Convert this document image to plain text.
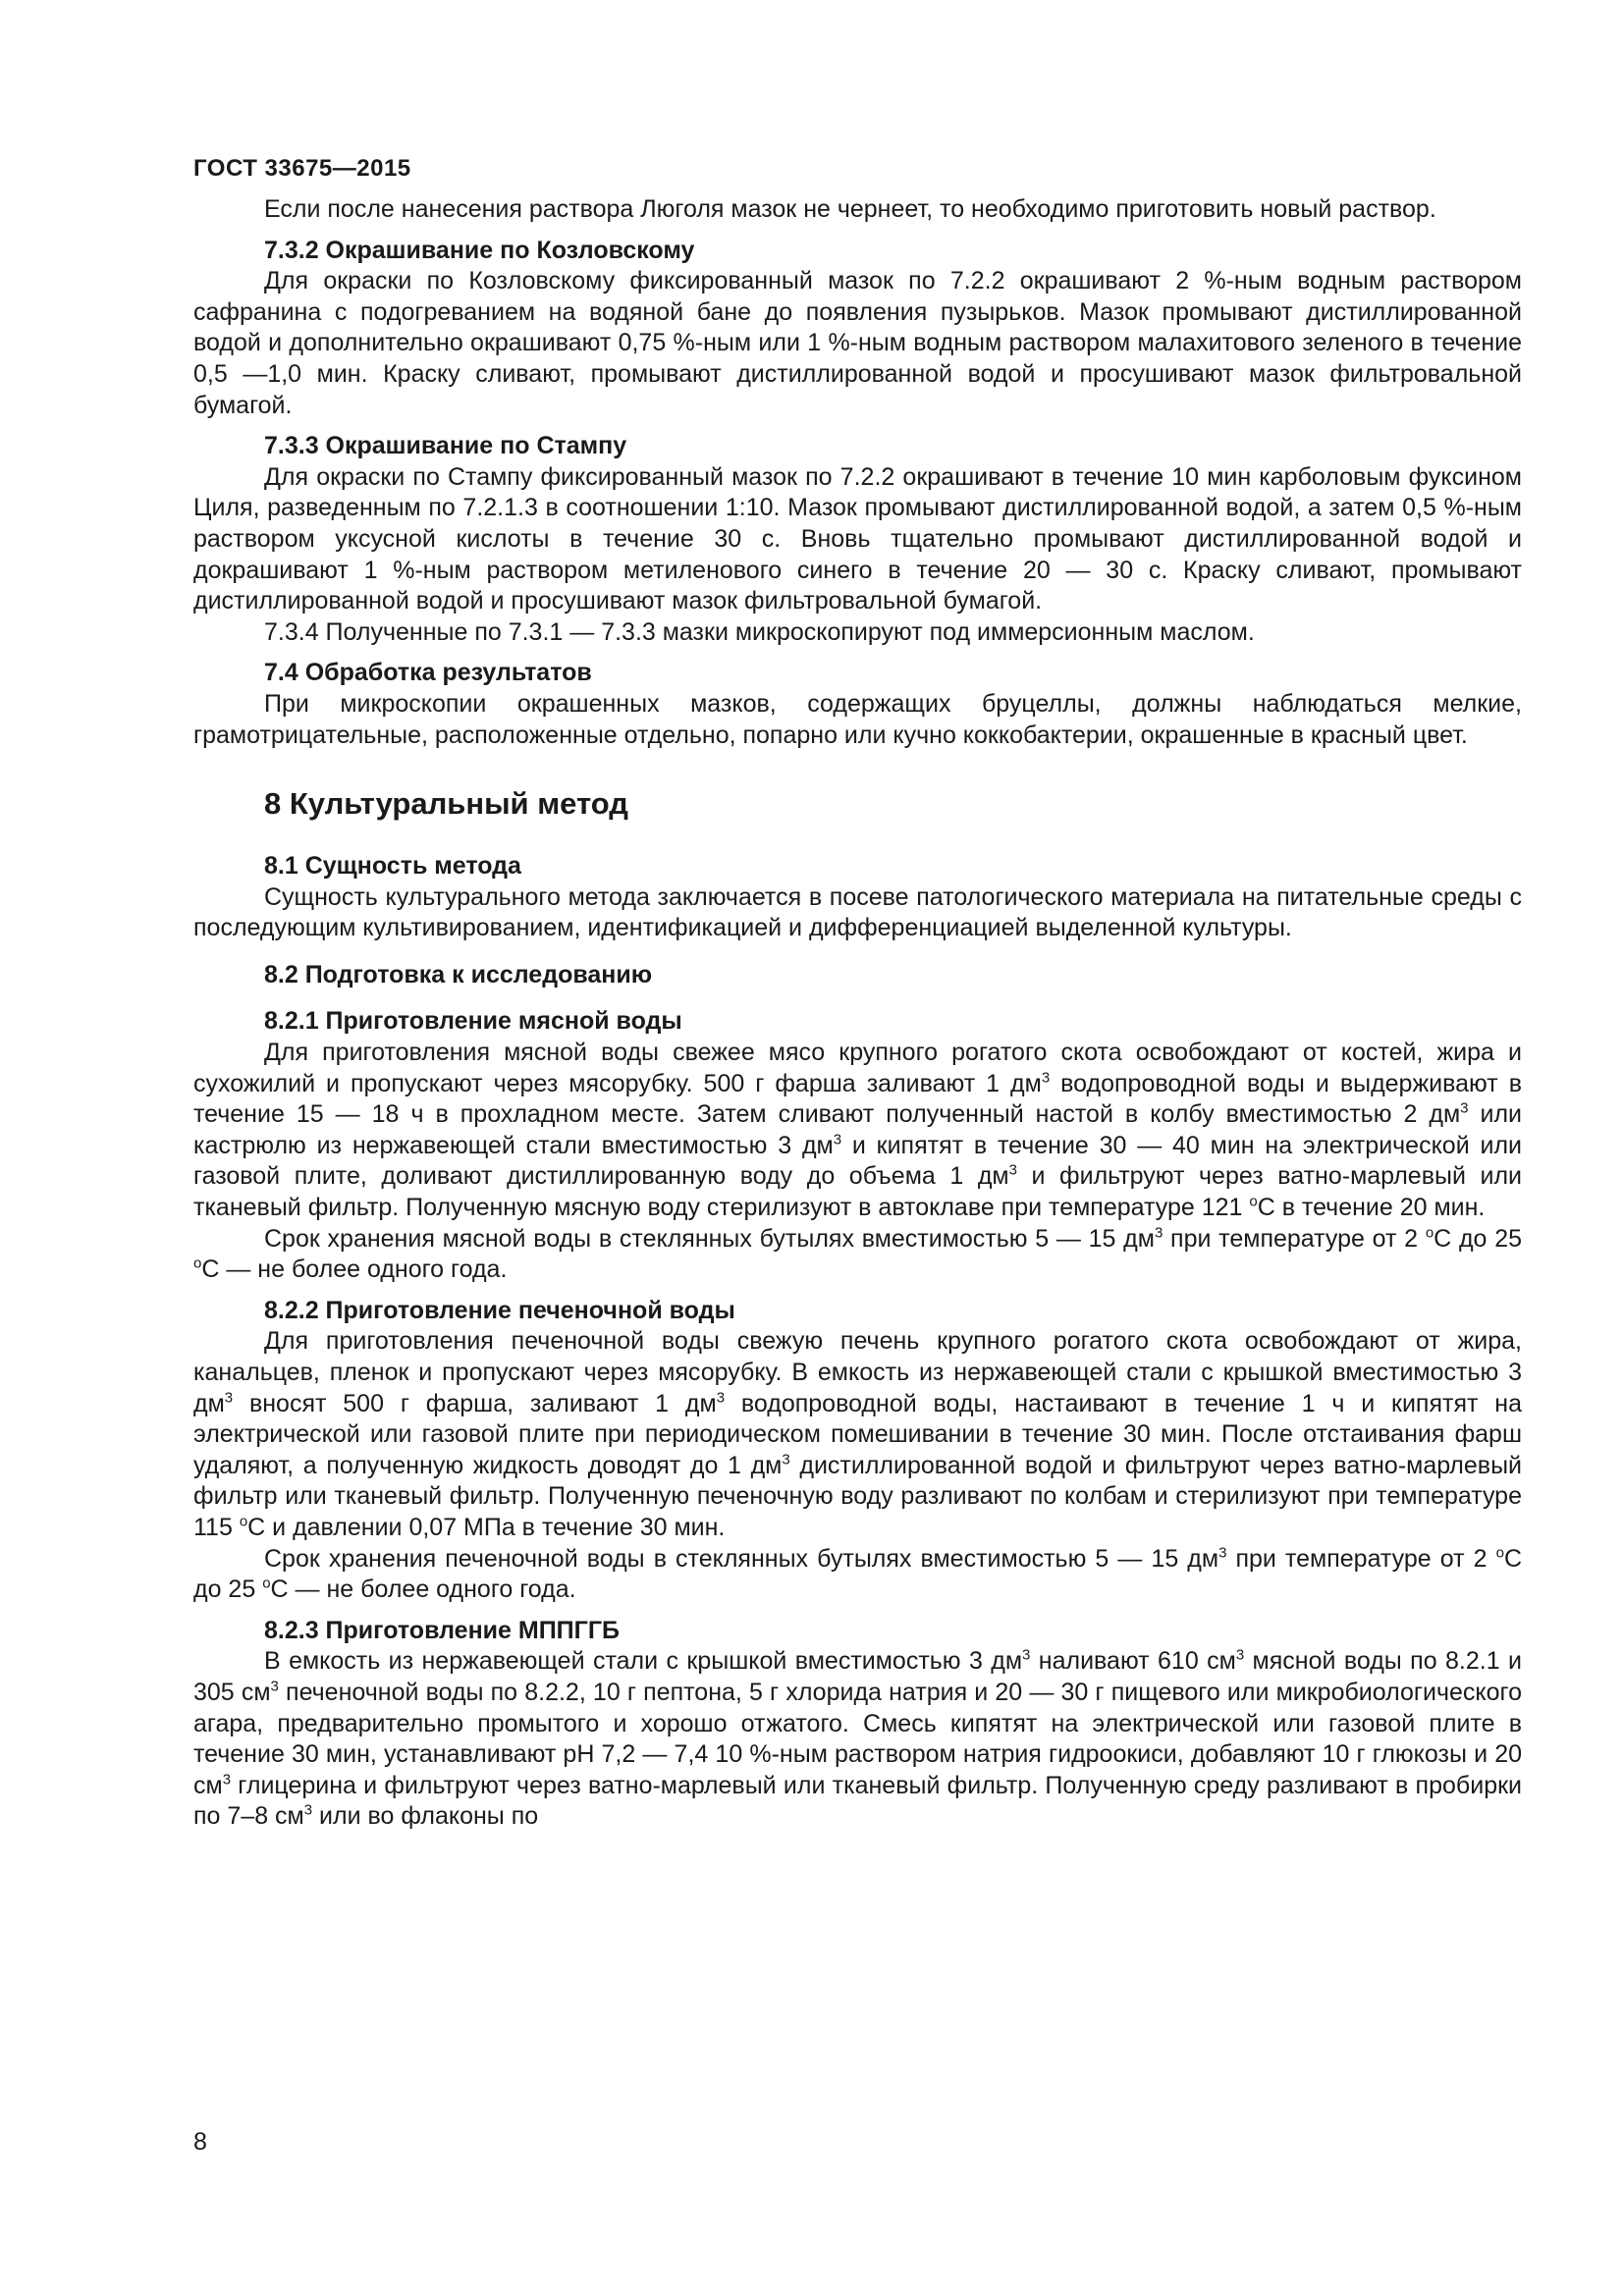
ГОСТ 33675—2015

Если после нанесения раствора Люголя мазок не чернеет, то необходимо приготовить новый раствор.

7.3.2 Окрашивание по Козловскому

Для окраски по Козловскому фиксированный мазок по 7.2.2 окрашивают 2 %-ным водным раствором сафранина с подогреванием на водяной бане до появления пузырьков. Мазок промывают дистиллированной водой и дополнительно окрашивают 0,75 %-ным или 1 %-ным водным раствором малахитового зеленого в течение 0,5 —1,0 мин. Краску сливают, промывают дистиллированной водой и просушивают мазок фильтровальной бумагой.

7.3.3 Окрашивание по Стампу

Для окраски по Стампу фиксированный мазок по 7.2.2 окрашивают в течение 10 мин карболовым фуксином Циля, разведенным по 7.2.1.3 в соотношении 1:10. Мазок промывают дистиллированной водой, а затем 0,5 %-ным раствором уксусной кислоты в течение 30 с. Вновь тщательно промывают дистиллированной водой и докрашивают 1 %-ным раствором метиленового синего в течение 20 — 30 с. Краску сливают, промывают дистиллированной водой и просушивают мазок фильтровальной бумагой.

7.3.4 Полученные по 7.3.1 — 7.3.3 мазки микроскопируют под иммерсионным маслом.

7.4 Обработка результатов

При микроскопии окрашенных мазков, содержащих бруцеллы, должны наблюдаться мелкие, грамотрицательные, расположенные отдельно, попарно или кучно коккобактерии, окрашенные в красный цвет.

8 Культуральный метод
8.1 Сущность метода

Сущность культурального метода заключается в посеве патологического материала на питательные среды с последующим культивированием, идентификацией и дифференциацией выделенной культуры.

8.2 Подготовка к исследованию
8.2.1 Приготовление мясной воды

Для приготовления мясной воды свежее мясо крупного рогатого скота освобождают от костей, жира и сухожилий и пропускают через мясорубку. 500 г фарша заливают 1 $дм^3$ водопроводной воды и выдерживают в течение 15 — 18 ч в прохладном месте. Затем сливают полученный настой в колбу вместимостью 2 $дм^3$ или кастрюлю из нержавеющей стали вместимостью 3 $дм^3$ и кипятят в течение 30 — 40 мин на электрической или газовой плите, доливают дистиллированную воду до объема 1 $дм^3$ и фильтруют через ватно-марлевый или тканевый фильтр. Полученную мясную воду стерилизуют в автоклаве при температуре 121 $^o$C в течение 20 мин.

Срок хранения мясной воды в стеклянных бутылях вместимостью 5 — 15 $дм^3$ при температуре от 2 $^o$C до 25 $^o$C — не более одного года.

8.2.2 Приготовление печеночной воды

Для приготовления печеночной воды свежую печень крупного рогатого скота освобождают от жира, канальцев, пленок и пропускают через мясорубку. В емкость из нержавеющей стали с крышкой вместимостью 3 $дм^3$ вносят 500 г фарша, заливают 1 $дм^3$ водопроводной воды, настаивают в течение 1 ч и кипятят на электрической или газовой плите при периодическом помешивании в течение 30 мин. После отстаивания фарш удаляют, а полученную жидкость доводят до 1 $дм^3$ дистиллированной водой и фильтруют через ватно-марлевый фильтр или тканевый фильтр. Полученную печеночную воду разливают по колбам и стерилизуют при температуре 115 $^o$C и давлении 0,07 МПа в течение 30 мин.

Срок хранения печеночной воды в стеклянных бутылях вместимостью 5 — 15 $дм^3$ при температуре от 2 $^o$C до 25 $^o$C — не более одного года.

8.2.3 Приготовление МППГГБ

В емкость из нержавеющей стали с крышкой вместимостью 3 $дм^3$ наливают 610 $см^3$ мясной воды по 8.2.1 и 305 $см^3$ печеночной воды по 8.2.2, 10 г пептона, 5 г хлорида натрия и 20 — 30 г пищевого или микробиологического агара, предварительно промытого и хорошо отжатого. Смесь кипятят на электрической или газовой плите в течение 30 мин, устанавливают рН 7,2 — 7,4 10 %-ным раствором натрия гидроокиси, добавляют 10 г глюкозы и 20 $см^3$ глицерина и фильтруют через ватно-марлевый или тканевый фильтр. Полученную среду разливают в пробирки по 7–8 $см^3$ или во флаконы по

8
